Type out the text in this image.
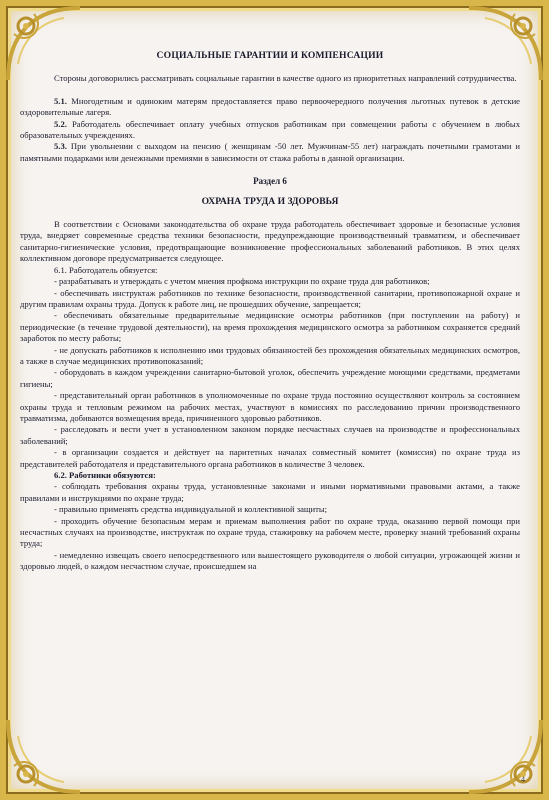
СОЦИАЛЬНЫЕ ГАРАНТИИ И КОМПЕНСАЦИИ

Стороны договорились рассматривать социальные гарантии в качестве одного из приоритетных направлений сотрудничества.

5.1. Многодетным и одиноким матерям предоставляется право первоочередного получения льготных путевок в детские оздоровительные лагеря.

5.2. Работодатель обеспечивает оплату учебных отпусков работникам при совмещении работы с обучением в любых образовательных учреждениях.

5.3. При увольнении с выходом на пенсию ( женщинам -50 лет. Мужчинам-55 лет) награждать почетными грамотами и памятными подарками или денежными премиями в зависимости от стажа работы в данной организации.

Раздел 6
ОХРАНА ТРУДА И ЗДОРОВЬЯ

В соответствии с Основами законодательства об охране труда работодатель обеспечивает здоровые и безопасные условия труда, внедряет современные средства техники безопасности, предупреждающие производственный травматизм, и обеспечивает санитарно-гигиенические условия, предотвращающие возникновение профессиональных заболеваний работников. В этих целях коллективном договоре предусматривается следующее.

6.1. Работодатель обязуется:

- разрабатывать и утверждать с учетом мнения профкома инструкции по охране труда для работников;

- обеспечивать инструктаж работников по технике безопасности, производственной санитарии, противопожарной охране и другим правилам охраны труда. Допуск к работе лиц, не прошедших обучение, запрещается;

- обеспечивать обязательные предварительные медицинские осмотры работников (при поступлении на работу) и периодические (в течение трудовой деятельности), на время прохождения медицинского осмотра за работником сохраняется средний заработок по месту работы;

- не допускать работников к исполнению ими трудовых обязанностей без прохождения обязательных медицинских осмотров, а также в случае медицинских противопоказаний;

- оборудовать в каждом учреждении санитарно-бытовой уголок, обеспечить учреждение моющими средствами, предметами гигиены;

- представительный орган работников в уполномоченные по охране труда постоянно осуществляют контроль за состоянием охраны труда и тепловым режимом на рабочих местах, участвуют в комиссиях по расследованию причин производственного травматизма, добиваются возмещения вреда, причиненного здоровью работников.

- расследовать и вести учет в установленном законом порядке несчастных случаев на производстве и профессиональных заболеваний;

- в организации создается и действует на паритетных началах совместный комитет (комиссия) по охране труда из представителей работодателя и представительного органа работников в количестве 3 человек.

6.2. Работники обязуются:

- соблюдать требования охраны труда, установленные законами и иными нормативными правовыми актами, а также правилами и инструкциями по охране труда;

- правильно применять средства индивидуальной и коллективной защиты;

- проходить обучение безопасным мерам и приемам выполнения работ по охране труда, оказанию первой помощи при несчастных случаях на производстве, инструктаж по охране труда, стажировку на рабочем месте, проверку знаний требований охраны труда;

- немедленно извещать своего непосредственного или вышестоящего руководителя о любой ситуации, угрожающей жизни и здоровью людей, о каждом несчастном случае, происшедшем на

4
